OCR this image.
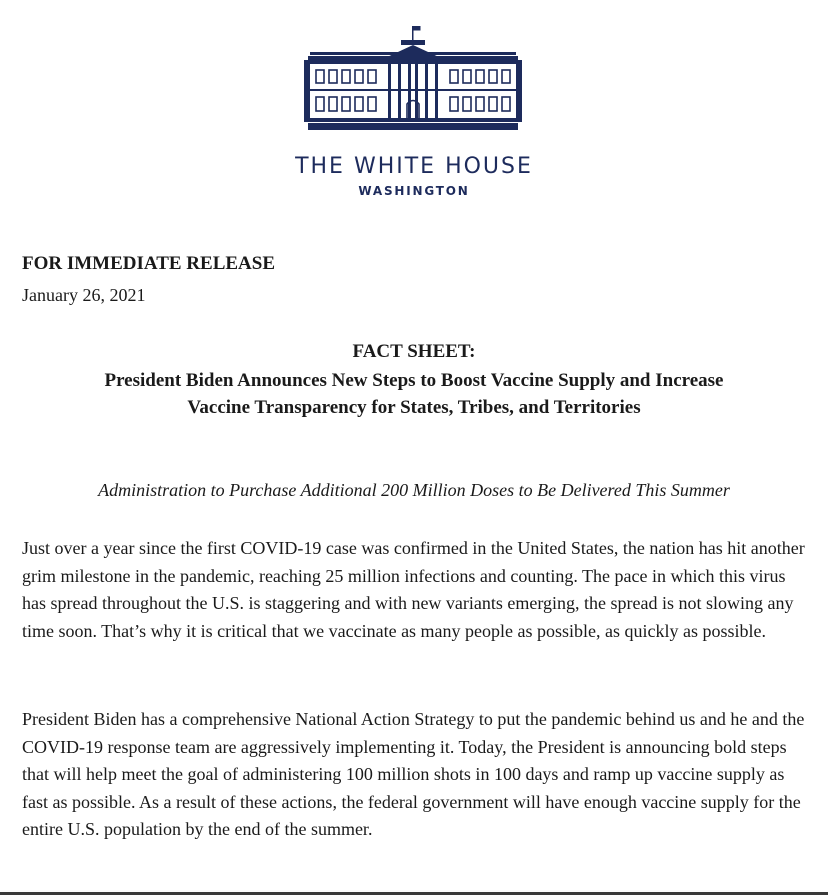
THE WHITE HOUSE
WASHINGTON
FOR IMMEDIATE RELEASE
January 26, 2021
FACT SHEET:
President Biden Announces New Steps to Boost Vaccine Supply and Increase
Vaccine Transparency for States, Tribes, and Territories
Administration to Purchase Additional 200 Million Doses to Be Delivered This Summer

Just over a year since the first COVID-19 case was confirmed in the United States, the nation has hit another grim milestone in the pandemic, reaching 25 million infections and counting. The pace in which this virus has spread throughout the U.S. is staggering and with new variants emerging, the spread is not slowing any time soon. That’s why it is critical that we vaccinate as many people as possible, as quickly as possible.

President Biden has a comprehensive National Action Strategy to put the pandemic behind us and he and the COVID-19 response team are aggressively implementing it. Today, the President is announcing bold steps that will help meet the goal of administering 100 million shots in 100 days and ramp up vaccine supply as fast as possible. As a result of these actions, the federal government will have enough vaccine supply for the entire U.S. population by the end of the summer.
